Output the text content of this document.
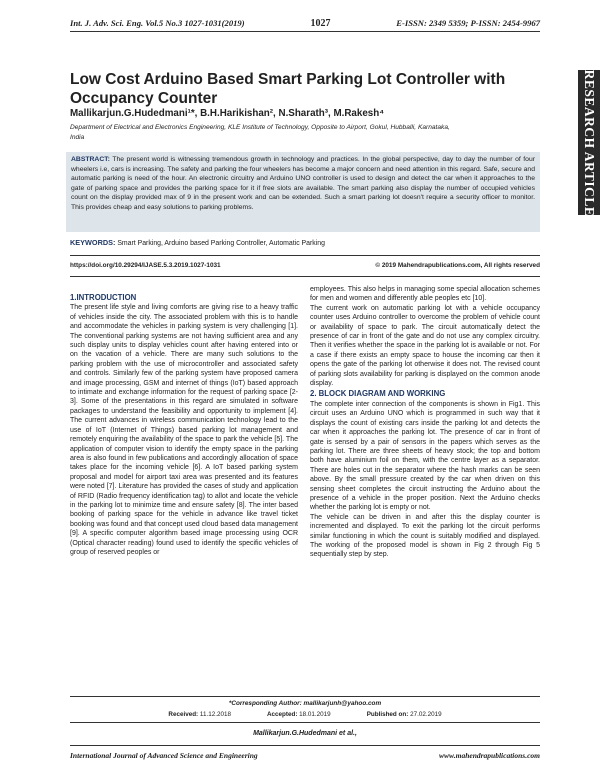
Int. J. Adv. Sci. Eng. Vol.5 No.3 1027-1031(2019)	1027	E-ISSN: 2349 5359; P-ISSN: 2454-9967
RESEARCH ARTICLE
Low Cost Arduino Based Smart Parking Lot Controller with Occupancy Counter
Mallikarjun.G.Hudedmani¹*, B.H.Harikishan², N.Sharath³, M.Rakesh⁴
Department of Electrical and Electronics Engineering, KLE Institute of Technology, Opposite to Airport, Gokul, Hubballi, Karnataka, India
ABSTRACT: The present world is witnessing tremendous growth in technology and practices. In the global perspective, day to day the number of four wheelers i.e, cars is increasing. The safety and parking the four wheelers has become a major concern and need attention in this regard. Safe, secure and automatic parking is need of the hour. An electronic circuitry and Arduino UNO controller is used to design and detect the car when it approaches to the gate of parking space and provides the parking space for it if free slots are available. The smart parking also display the number of occupied vehicles count on the display provided max of 9 in the present work and can be extended. Such a smart parking lot doesn't require a security officer to monitor. This provides cheap and easy solutions to parking problems.
KEYWORDS: Smart Parking, Arduino based Parking Controller, Automatic Parking
https://doi.org/10.29294/IJASE.5.3.2019.1027-1031	© 2019 Mahendrapublications.com, All rights reserved
1.INTRODUCTION

The present life style and living comforts are giving rise to a heavy traffic of vehicles inside the city. The associated problem with this is to handle and accommodate the vehicles in parking system is very challenging [1]. The conventional parking systems are not having sufficient area and any such display units to display vehicles count after having entered into or on the vacation of a vehicle. There are many such solutions to the parking problem with the use of microcontroller and associated safety and controls. Similarly few of the parking system have proposed camera and image processing, GSM and internet of things (IoT) based approach to intimate and exchange information for the request of parking space [2-3]. Some of the presentations in this regard are simulated in software packages to understand the feasibility and opportunity to implement [4]. The current advances in wireless communication technology lead to the use of IoT (Internet of Things) based parking lot management and remotely enquiring the availability of the space to park the vehicle [5]. The application of computer vision to identify the empty space in the parking area is also found in few publications and accordingly allocation of space takes place for the incoming vehicle [6]. A IoT based parking system proposal and model for airport taxi area was presented and its features were noted [7]. Literature has provided the cases of study and application of RFID (Radio frequency identification tag) to allot and locate the vehicle in the parking lot to minimize time and ensure safety [8]. The inter based booking of parking space for the vehicle in advance like travel ticket booking was found and that concept used cloud based data management [9]. A specific computer algorithm based image processing using OCR (Optical character reading) found used to identify the specific vehicles of group of reserved peoples or

employees. This also helps in managing some special allocation schemes for men and women and differently able peoples etc [10].

The current work on automatic parking lot with a vehicle occupancy counter uses Arduino controller to overcome the problem of vehicle count or availability of space to park. The circuit automatically detect the presence of car in front of the gate and do not use any complex circuitry. Then it verifies whether the space in the parking lot is available or not. For a case if there exists an empty space to house the incoming car then it opens the gate of the parking lot otherwise it does not. The revised count of parking slots availability for parking is displayed on the common anode display.

2. BLOCK DIAGRAM AND WORKING

The complete inter connection of the components is shown in Fig1. This circuit uses an Arduino UNO which is programmed in such way that it displays the count of existing cars inside the parking lot and detects the car when it approaches the parking lot. The presence of car in front of gate is sensed by a pair of sensors in the papers which serves as the parking lot. There are three sheets of heavy stock; the top and bottom both have aluminium foil on them, with the centre layer as a separator. There are holes cut in the separator where the hash marks can be seen above. By the small pressure created by the car when driven on this sensing sheet completes the circuit instructing the Arduino about the presence of a vehicle in the proper position. Next the Arduino checks whether the parking lot is empty or not.

The vehicle can be driven in and after this the display counter is incremented and displayed. To exit the parking lot the circuit performs similar functioning in which the count is suitably modified and displayed. The working of the proposed model is shown in Fig 2 through Fig 5 sequentially step by step.

*Corresponding Author: mallikarjunh@yahoo.com
Received: 11.12.2018	Accepted: 18.01.2019	Published on: 27.02.2019
Mallikarjun.G.Hudedmani et al.,
International Journal of Advanced Science and Engineering	www.mahendrapublications.com
